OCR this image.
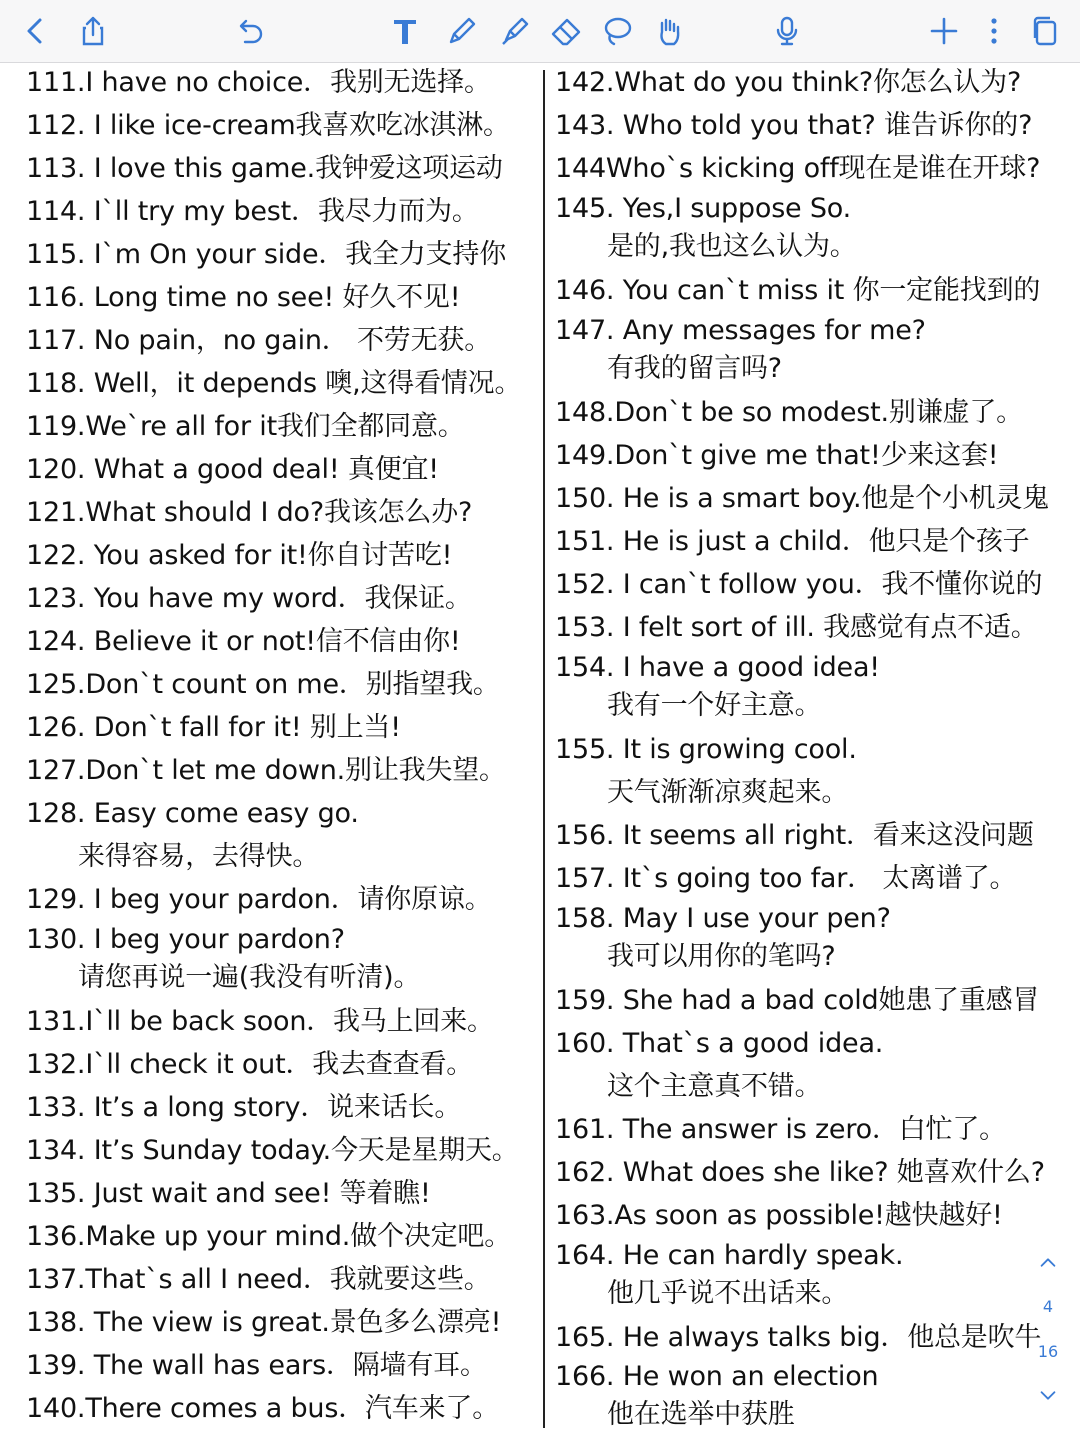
111.I have no choice．我别无选择。
112. I like ice-cream我喜欢吃冰淇淋。
113. I love this game.我钟爱这项运动
114. I`ll try my best．我尽力而为。
115. I`m On your side．我全力支持你
116. Long time no see! 好久不见!
117. No pain，no gain． 不劳无获。
118. Well，it depends 噢,这得看情况。
119.We`re all for it我们全都同意。
120. What a good deal! 真便宜!
121.What should I do?我该怎么办?
122. You asked for it!你自讨苦吃!
123. You have my word．我保证。
124. Believe it or not!信不信由你!
125.Don`t count on me．别指望我。
126. Don`t fall for it! 别上当!
127.Don`t let me down.别让我失望。
128. Easy come easy go.
来得容易，去得快。
129. I beg your pardon．请你原谅。
130. I beg your pardon?
请您再说一遍(我没有听清)。
131.I`ll be back soon．我马上回来。
132.I`ll check it out．我去查查看。
133. It’s a long story．说来话长。
134. It’s Sunday today.今天是星期天。
135. Just wait and see! 等着瞧!
136.Make up your mind.做个决定吧。
137.That`s all I need．我就要这些。
138. The view is great.景色多么漂亮!
139. The wall has ears．隔墙有耳。
140.There comes a bus．汽车来了。
142.What do you think?你怎么认为?
143. Who told you that? 谁告诉你的?
144Who`s kicking off现在是谁在开球?
145. Yes,I suppose So.
是的,我也这么认为。
146. You can`t miss it 你一定能找到的
147. Any messages for me?
有我的留言吗?
148.Don`t be so modest.别谦虚了。
149.Don`t give me that!少来这套!
150. He is a smart boy.他是个小机灵鬼
151. He is just a child．他只是个孩子
152. I can`t follow you．我不懂你说的
153. I felt sort of ill. 我感觉有点不适。
154. I have a good idea!
我有一个好主意。
155. It is growing cool.
天气渐渐凉爽起来。
156. It seems all right．看来这没问题
157. It`s going too far． 太离谱了。
158. May I use your pen?
我可以用你的笔吗?
159. She had a bad cold她患了重感冒
160. That`s a good idea.
这个主意真不错。
161. The answer is zero．白忙了。
162. What does she like? 她喜欢什么?
163.As soon as possible!越快越好!
164. He can hardly speak.
他几乎说不出话来。
165. He always talks big．他总是吹牛
166. He won an election
他在选举中获胜
4
16
